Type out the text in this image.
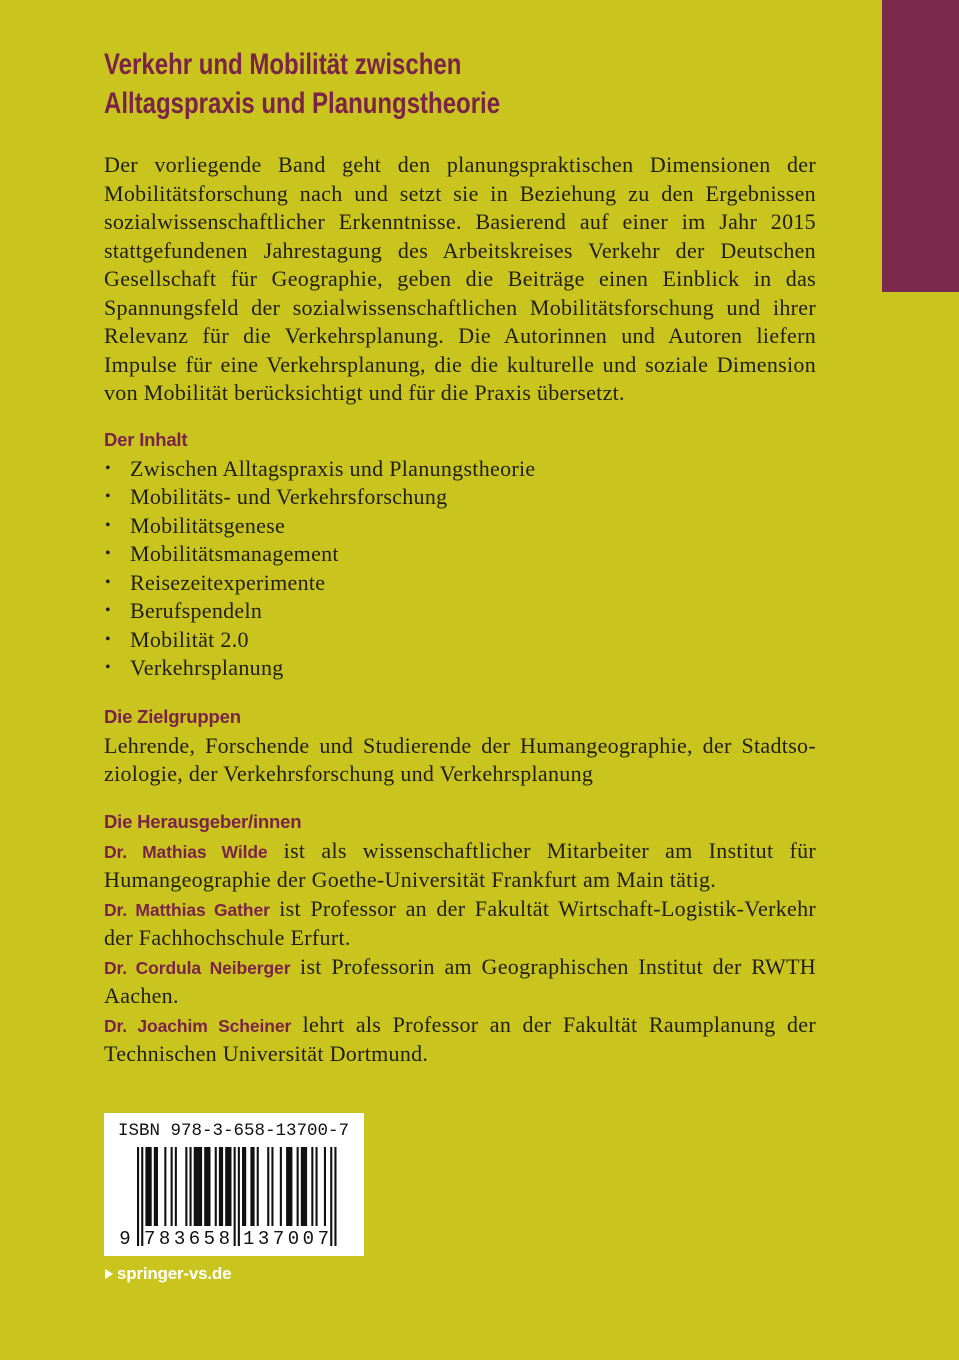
Verkehr und Mobilität zwischen
Alltagspraxis und Planungstheorie
Der vorliegende Band geht den planungspraktischen Dimensionen der
Mobilitätsforschung nach und setzt sie in Beziehung zu den Ergebnissen
sozialwissenschaftlicher Erkenntnisse. Basierend auf einer im Jahr 2015
stattgefundenen Jahrestagung des Arbeitskreises Verkehr der Deutschen
Gesellschaft für Geographie, geben die Beiträge einen Einblick in das
Spannungsfeld der sozialwissenschaftlichen Mobilitätsforschung und ihrer
Relevanz für die Verkehrsplanung. Die Autorinnen und Autoren liefern
Impulse für eine Verkehrsplanung, die die kulturelle und soziale Dimension
von Mobilität berücksichtigt und für die Praxis übersetzt.
Der Inhalt
•
Zwischen Alltagspraxis und Planungstheorie
•
Mobilitäts- und Verkehrsforschung
•
Mobilitätsgenese
•
Mobilitätsmanagement
•
Reisezeitexperimente
•
Berufspendeln
•
Mobilität 2.0
•
Verkehrsplanung
Die Zielgruppen
Lehrende, Forschende und Studierende der Humangeographie, der Stadtso-
ziologie, der Verkehrsforschung und Verkehrsplanung
Die Herausgeber/innen
Dr. Mathias Wilde ist als wissenschaftlicher Mitarbeiter am Institut für
Humangeographie der Goethe-Universität Frankfurt am Main tätig.
Dr. Matthias Gather ist Professor an der Fakultät Wirtschaft-Logistik-Verkehr
der Fachhochschule Erfurt.
Dr. Cordula Neiberger ist Professorin am Geographischen Institut der RWTH
Aachen.
Dr. Joachim Scheiner lehrt als Professor an der Fakultät Raumplanung der
Technischen Universität Dortmund.
ISBN 978-3-658-13700-7
9 783658 137007
springer-vs.de
